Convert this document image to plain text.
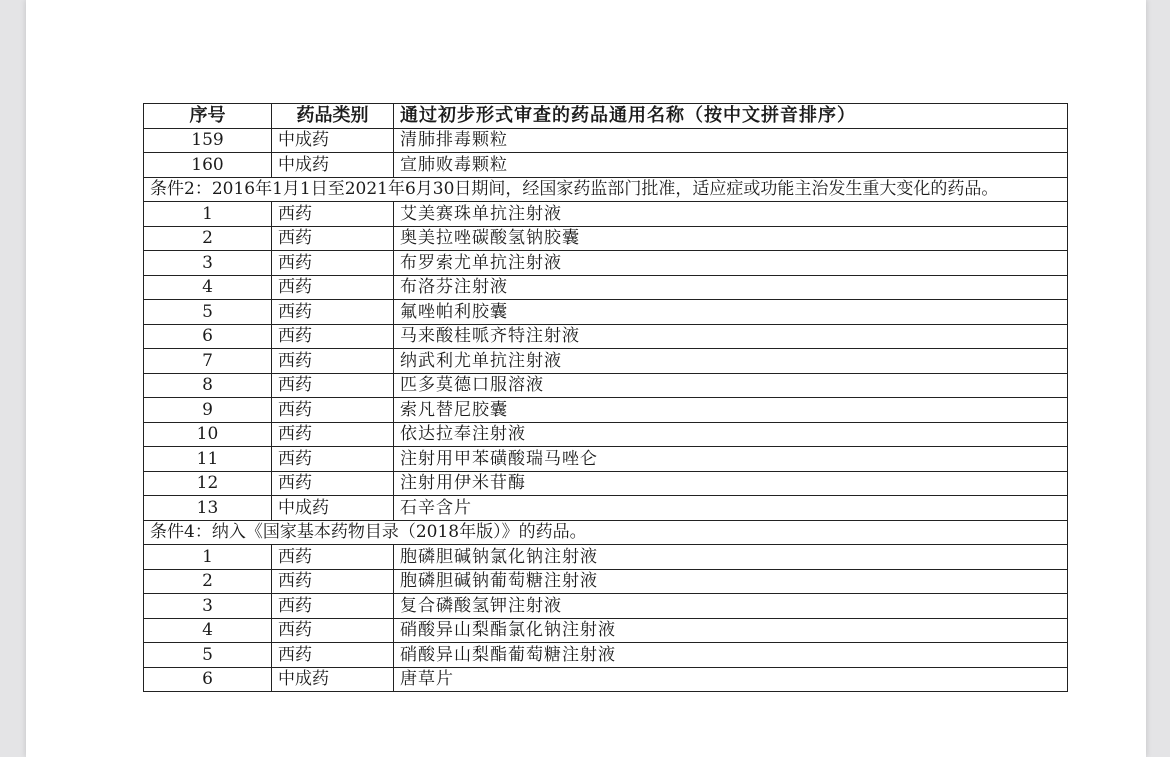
序号	药品类别	通过初步形式审查的药品通用名称（按中文拼音排序）
159	中成药	清肺排毒颗粒
160	中成药	宣肺败毒颗粒
条件2：2016年1月1日至2021年6月30日期间，经国家药监部门批准，适应症或功能主治发生重大变化的药品。		
1	西药	艾美赛珠单抗注射液
2	西药	奥美拉唑碳酸氢钠胶囊
3	西药	布罗索尤单抗注射液
4	西药	布洛芬注射液
5	西药	氟唑帕利胶囊
6	西药	马来酸桂哌齐特注射液
7	西药	纳武利尤单抗注射液
8	西药	匹多莫德口服溶液
9	西药	索凡替尼胶囊
10	西药	依达拉奉注射液
11	西药	注射用甲苯磺酸瑞马唑仑
12	西药	注射用伊米苷酶
13	中成药	石辛含片
条件4：纳入《国家基本药物目录（2018年版）》的药品。		
1	西药	胞磷胆碱钠氯化钠注射液
2	西药	胞磷胆碱钠葡萄糖注射液
3	西药	复合磷酸氢钾注射液
4	西药	硝酸异山梨酯氯化钠注射液
5	西药	硝酸异山梨酯葡萄糖注射液
6	中成药	唐草片
